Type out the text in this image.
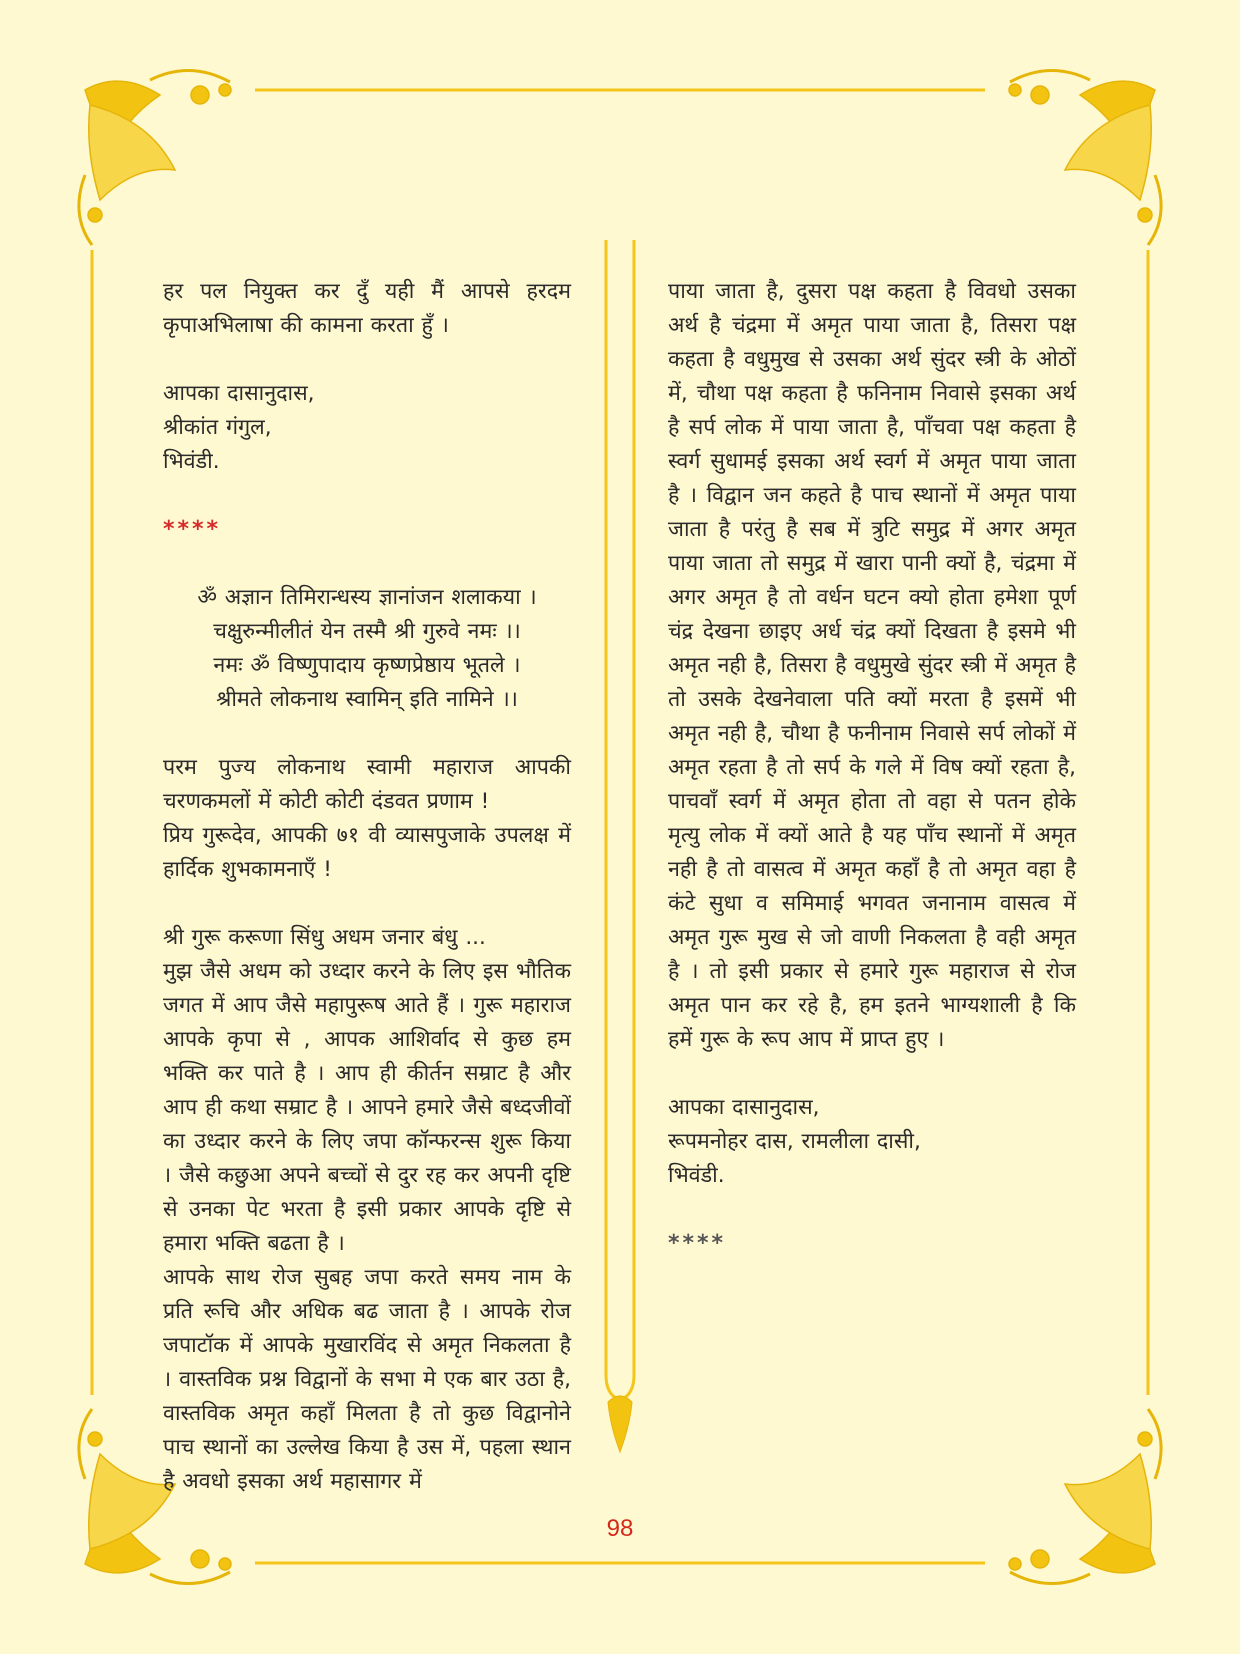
हर पल नियुक्त कर दुँ यही मैं आपसे हरदम कृपाअभिलाषा की कामना करता हुँ ।

आपका दासानुदास,

श्रीकांत गंगुल,

भिवंडी.

****

ॐ अज्ञान तिमिरान्धस्य ज्ञानांजन शलाकया ।

चक्षुरुन्मीलीतं येन तस्मै श्री गुरुवे नमः ।।

नमः ॐ विष्णुपादाय कृष्णप्रेष्ठाय भूतले ।

श्रीमते लोकनाथ स्वामिन् इति नामिने ।।

परम पुज्य लोकनाथ स्वामी महाराज आपकी चरणकमलों में कोटी कोटी दंडवत प्रणाम !

प्रिय गुरूदेव, आपकी ७१ वी व्यासपुजाके उपलक्ष में हार्दिक शुभकामनाएँ !

श्री गुरू करूणा सिंधु अधम जनार बंधु ...

मुझ जैसे अधम को उध्दार करने के लिए इस भौतिक जगत में आप जैसे महापुरूष आते हैं । गुरू महाराज आपके कृपा से , आपक आशिर्वाद से कुछ हम भक्ति कर पाते है । आप ही कीर्तन सम्राट है और आप ही कथा सम्राट है । आपने हमारे जैसे बध्दजीवों का उध्दार करने के लिए जपा कॉन्फरन्स शुरू किया । जैसे कछुआ अपने बच्चों से दुर रह कर अपनी दृष्टि से उनका पेट भरता है इसी प्रकार आपके दृष्टि से हमारा भक्ति बढता है ।

आपके साथ रोज सुबह जपा करते समय नाम के प्रति रूचि और अधिक बढ जाता है । आपके रोज जपाटॉक में आपके मुखारविंद से अमृत निकलता है । वास्तविक प्रश्न विद्वानों के सभा मे एक बार उठा है, वास्तविक अमृत कहाँ मिलता है तो कुछ विद्वानोने पाच स्थानों का उल्लेख किया है उस में, पहला स्थान है अवधो इसका अर्थ महासागर में

पाया जाता है, दुसरा पक्ष कहता है विवधो उसका अर्थ है चंद्रमा में अमृत पाया जाता है, तिसरा पक्ष कहता है वधुमुख से उसका अर्थ सुंदर स्त्री के ओठों में, चौथा पक्ष कहता है फनिनाम निवासे इसका अर्थ है सर्प लोक में पाया जाता है, पाँचवा पक्ष कहता है स्वर्ग सुधामई इसका अर्थ स्वर्ग में अमृत पाया जाता है । विद्वान जन कहते है पाच स्थानों में अमृत पाया जाता है परंतु है सब में त्रुटि समुद्र में अगर अमृत पाया जाता तो समुद्र में खारा पानी क्यों है, चंद्रमा में अगर अमृत है तो वर्धन घटन क्यो होता हमेशा पूर्ण चंद्र देखना छाइए अर्ध चंद्र क्यों दिखता है इसमे भी अमृत नही है, तिसरा है वधुमुखे सुंदर स्त्री में अमृत है तो उसके देखनेवाला पति क्यों मरता है इसमें भी अमृत नही है, चौथा है फनीनाम निवासे सर्प लोकों में अमृत रहता है तो सर्प के गले में विष क्यों रहता है, पाचवाँ स्वर्ग में अमृत होता तो वहा से पतन होके मृत्यु लोक में क्यों आते है यह पाँच स्थानों में अमृत नही है तो वासत्व में अमृत कहाँ है तो अमृत वहा है कंटे सुधा व समिमाई भगवत जनानाम वासत्व में अमृत गुरू मुख से जो वाणी निकलता है वही अमृत है । तो इसी प्रकार से हमारे गुरू महाराज से रोज अमृत पान कर रहे है, हम इतने भाग्यशाली है कि हमें गुरू के रूप आप में प्राप्त हुए ।

आपका दासानुदास,

रूपमनोहर दास, रामलीला दासी,

भिवंडी.

****

98
